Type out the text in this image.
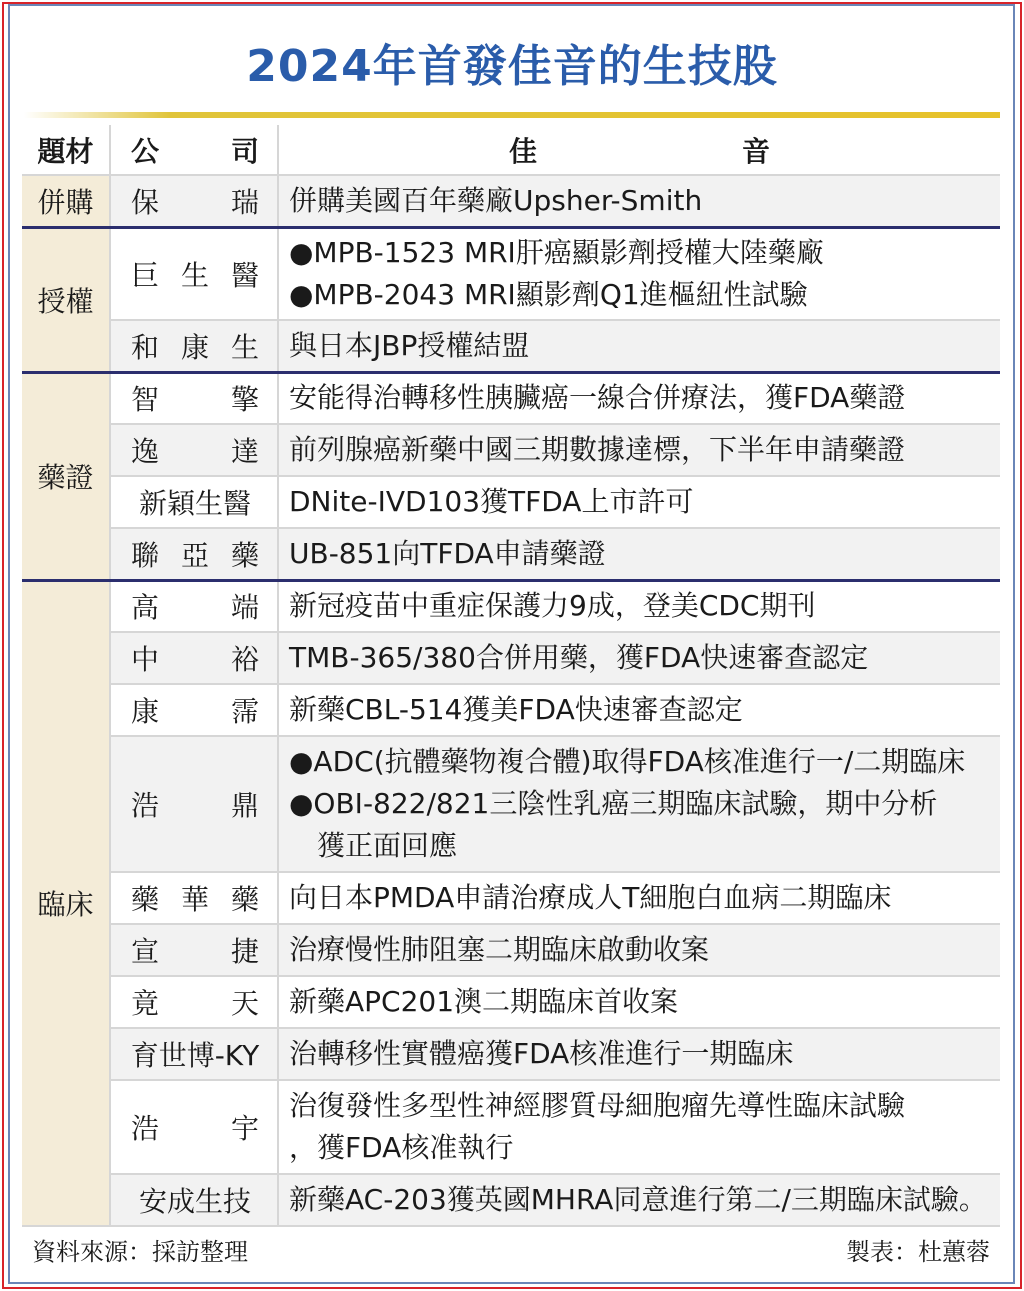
2024年首發佳音的生技股
題材	公司	佳音

併購	保瑞	併購美國百年藥廠Upsher-Smith

授權	巨生醫	●MPB-1523 MRI肝癌顯影劑授權大陸藥廠
●MPB-2043 MRI顯影劑Q1進樞紐性試驗

	和康生	與日本JBP授權結盟

藥證	智擎	安能得治轉移性胰臟癌一線合併療法，獲FDA藥證

	逸達	前列腺癌新藥中國三期數據達標，下半年申請藥證

	新穎生醫	DNite-IVD103獲TFDA上市許可

	聯亞藥	UB-851向TFDA申請藥證

臨床	高端	新冠疫苗中重症保護力9成，登美CDC期刊

	中裕	TMB-365/380合併用藥，獲FDA快速審查認定

	康霈	新藥CBL-514獲美FDA快速審查認定

	浩鼎	●ADC(抗體藥物複合體)取得FDA核准進行一/二期臨床
●OBI-822/821三陰性乳癌三期臨床試驗，期中分析
　獲正面回應

	藥華藥	向日本PMDA申請治療成人T細胞白血病二期臨床

	宣捷	治療慢性肺阻塞二期臨床啟動收案

	竟天	新藥APC201澳二期臨床首收案

	育世博-KY	治轉移性實體癌獲FDA核准進行一期臨床

	浩宇	治復發性多型性神經膠質母細胞瘤先導性臨床試驗
，獲FDA核准執行

	安成生技	新藥AC-203獲英國MHRA同意進行第二/三期臨床試驗。
資料來源：採訪整理	製表：杜蕙蓉
